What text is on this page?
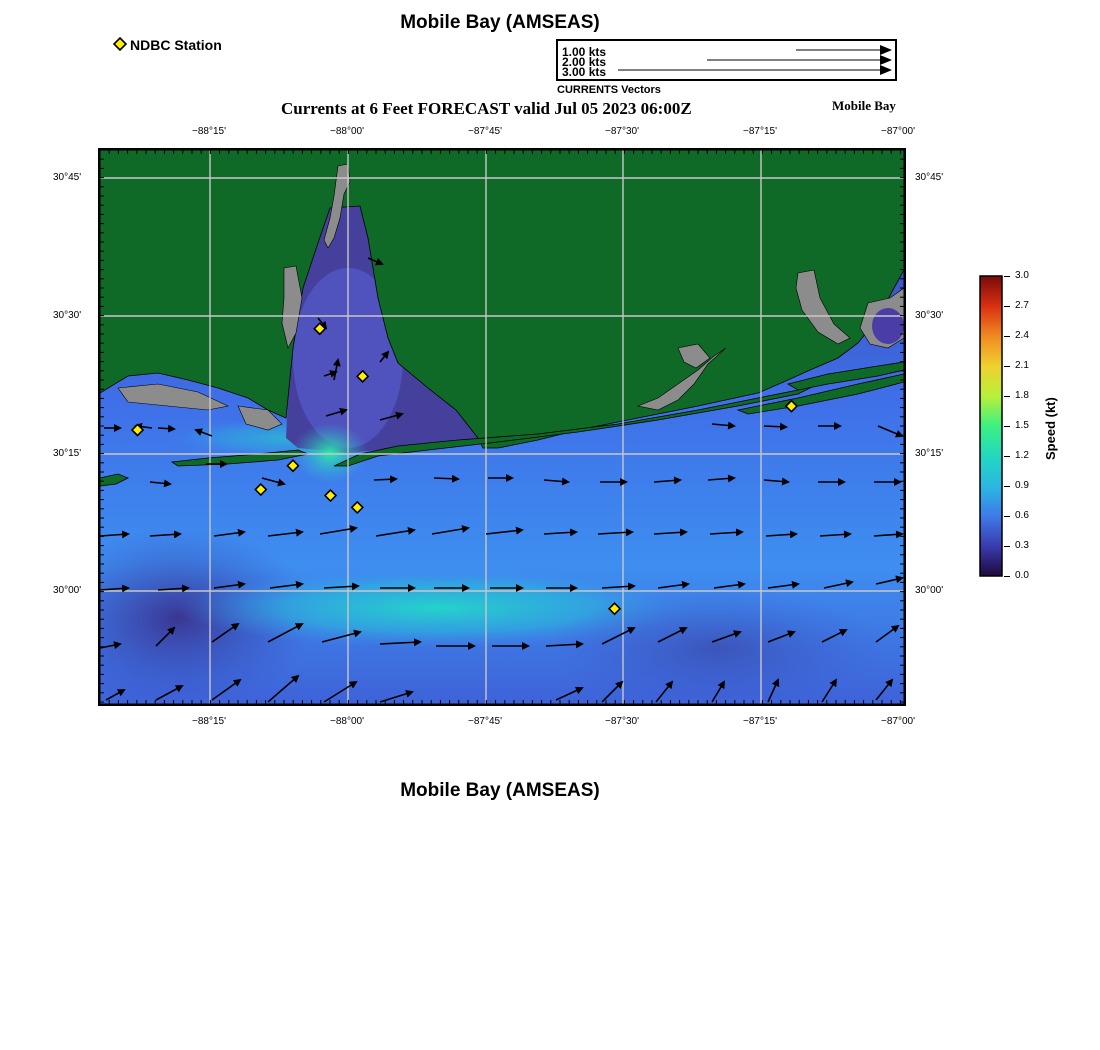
Mobile Bay (AMSEAS)
NDBC Station	1.00 kts
2.00 kts
3.00 kts
CURRENTS Vectors
Currents at 6 Feet FORECAST valid Jul 05 2023 06:00Z	Mobile Bay
−88°15'	−88°00'	−87°45'	−87°30'	−87°15'	−87°00'
−88°15'	−88°00'	−87°45'	−87°30'	−87°15'	−87°00'
30°45'
30°30'
30°15'
30°00'
30°45'
30°30'
30°15'
30°00'
3.0
2.7
2.4
2.1
1.8
1.5
1.2
0.9
0.6
0.3
0.0
Speed (kt)
Mobile Bay (AMSEAS)
